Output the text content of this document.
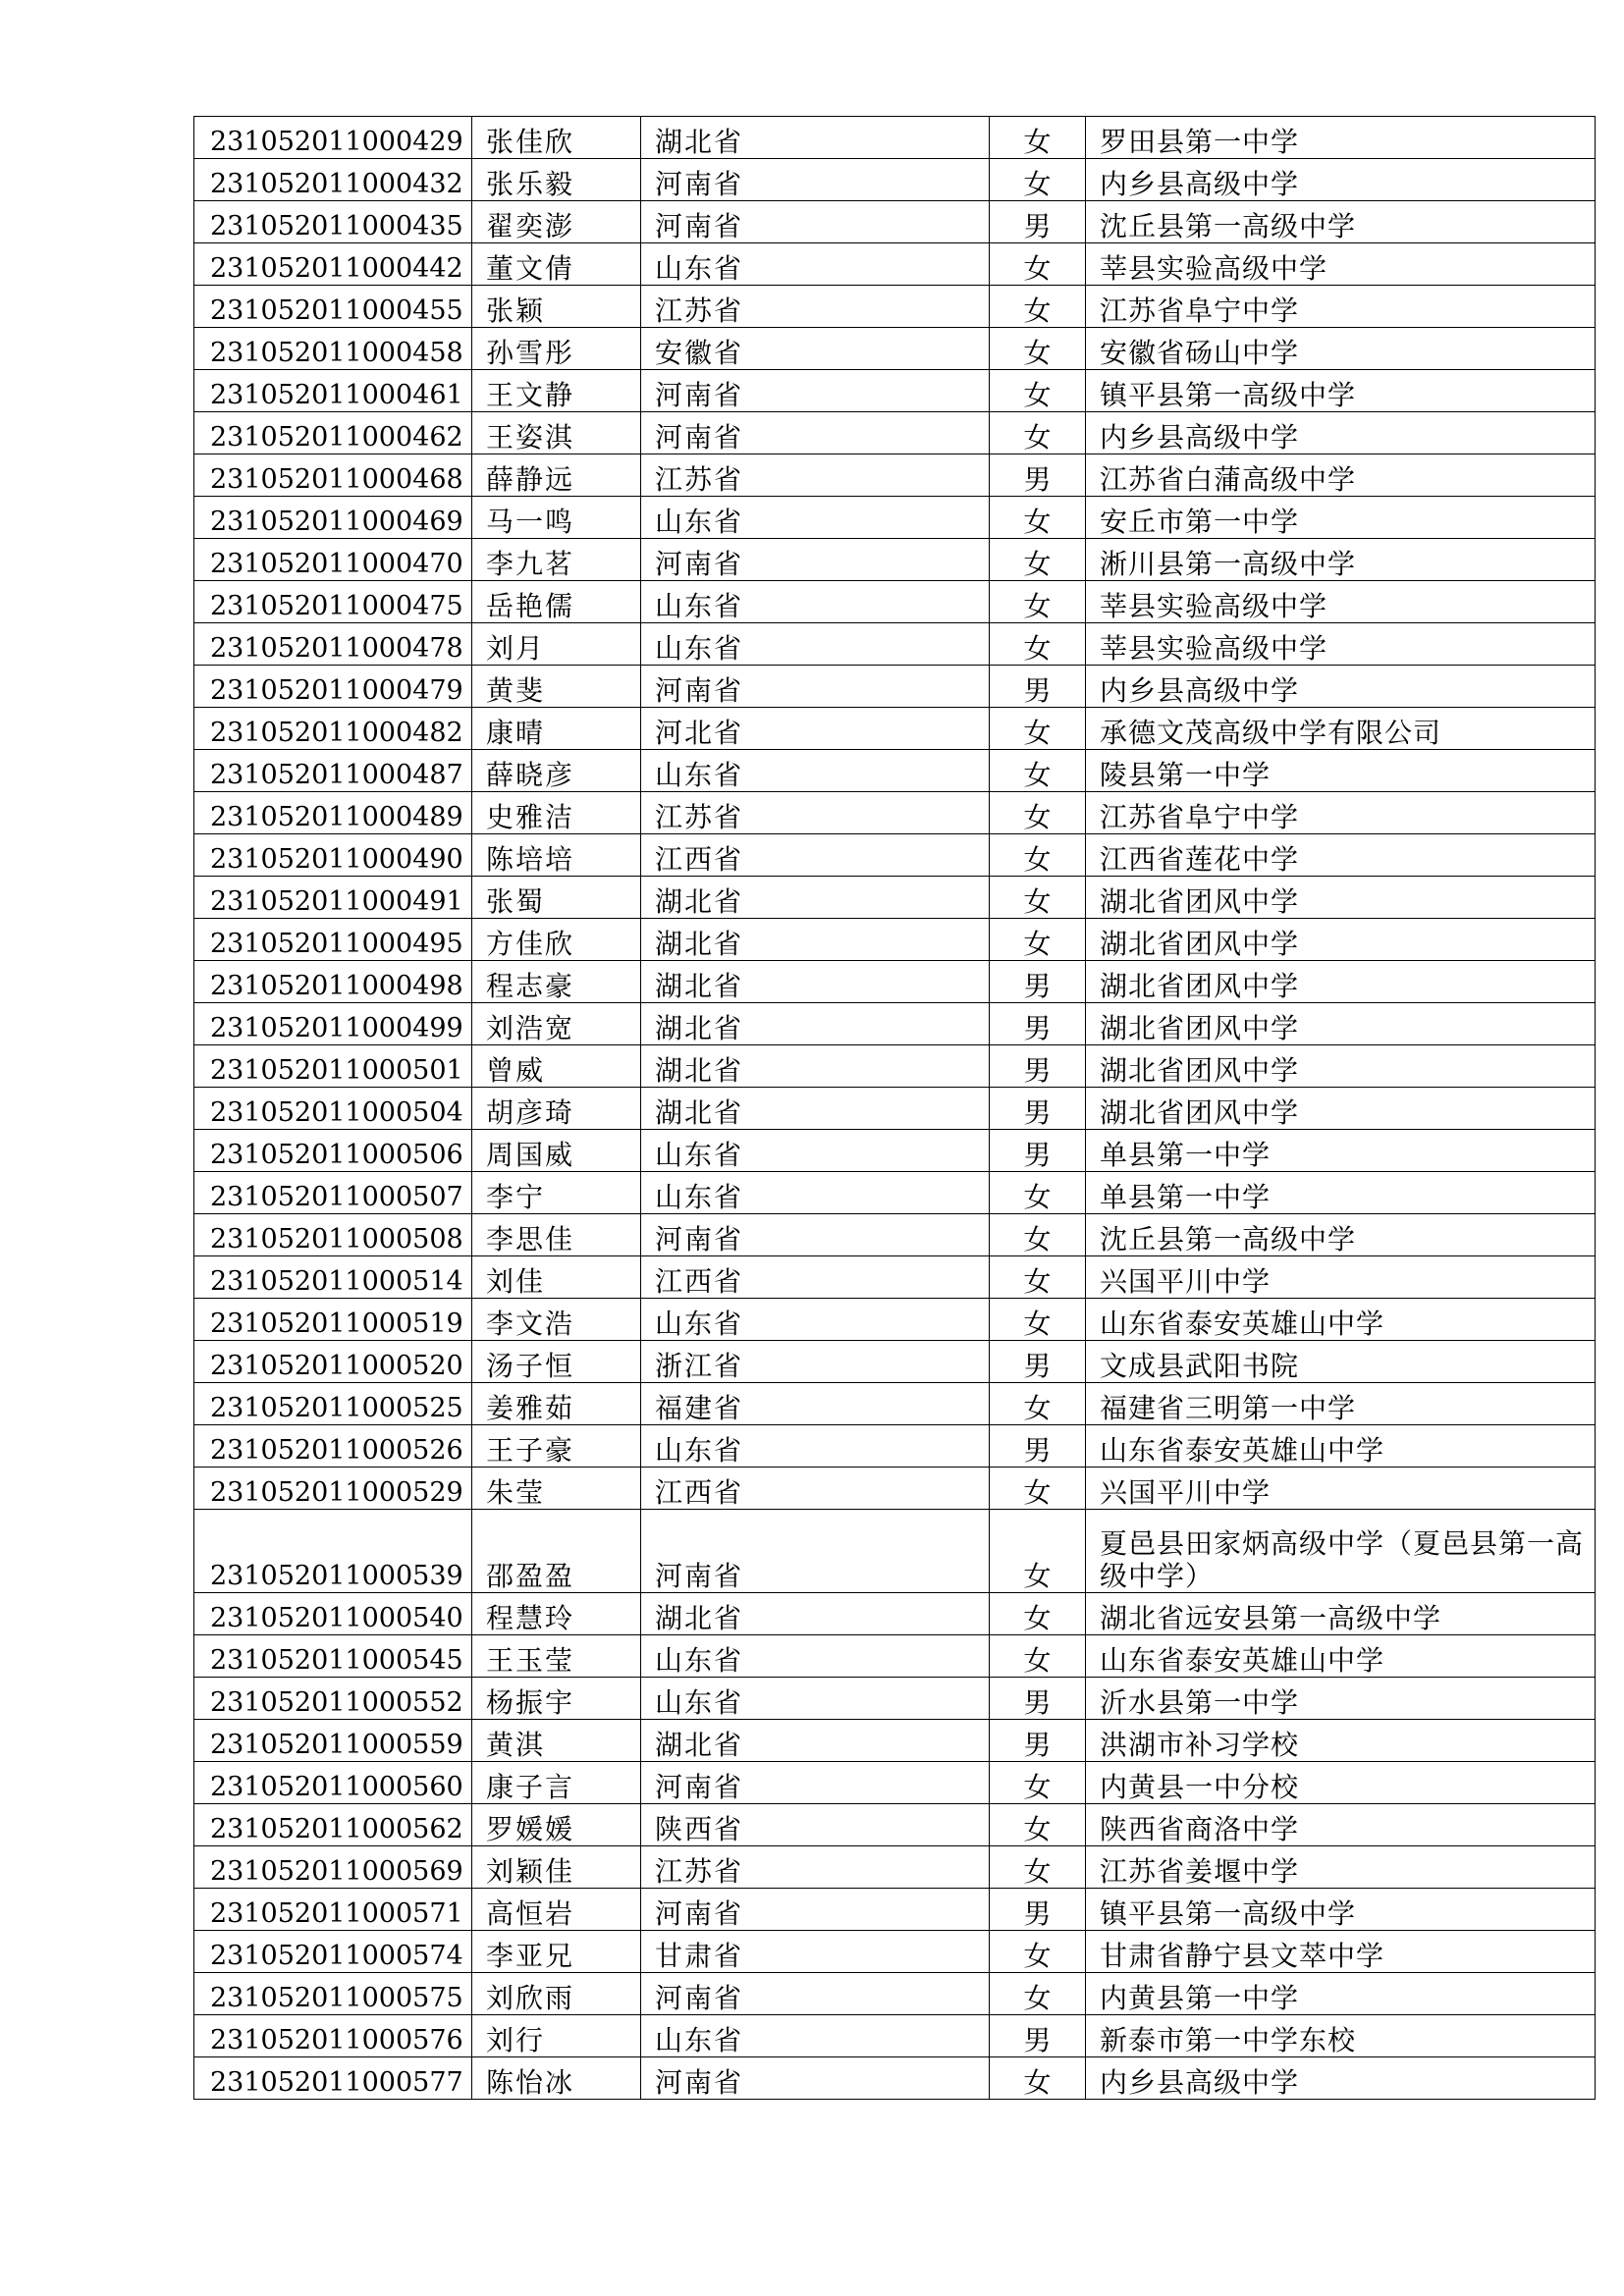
231052011000429	张佳欣	湖北省	女	罗田县第一中学
231052011000432	张乐毅	河南省	女	内乡县高级中学
231052011000435	翟奕澎	河南省	男	沈丘县第一高级中学
231052011000442	董文倩	山东省	女	莘县实验高级中学
231052011000455	张颖	江苏省	女	江苏省阜宁中学
231052011000458	孙雪彤	安徽省	女	安徽省砀山中学
231052011000461	王文静	河南省	女	镇平县第一高级中学
231052011000462	王姿淇	河南省	女	内乡县高级中学
231052011000468	薛静远	江苏省	男	江苏省白蒲高级中学
231052011000469	马一鸣	山东省	女	安丘市第一中学
231052011000470	李九茗	河南省	女	淅川县第一高级中学
231052011000475	岳艳儒	山东省	女	莘县实验高级中学
231052011000478	刘月	山东省	女	莘县实验高级中学
231052011000479	黄斐	河南省	男	内乡县高级中学
231052011000482	康晴	河北省	女	承德文茂高级中学有限公司
231052011000487	薛晓彦	山东省	女	陵县第一中学
231052011000489	史雅洁	江苏省	女	江苏省阜宁中学
231052011000490	陈培培	江西省	女	江西省莲花中学
231052011000491	张蜀	湖北省	女	湖北省团风中学
231052011000495	方佳欣	湖北省	女	湖北省团风中学
231052011000498	程志豪	湖北省	男	湖北省团风中学
231052011000499	刘浩宽	湖北省	男	湖北省团风中学
231052011000501	曾威	湖北省	男	湖北省团风中学
231052011000504	胡彦琦	湖北省	男	湖北省团风中学
231052011000506	周国威	山东省	男	单县第一中学
231052011000507	李宁	山东省	女	单县第一中学
231052011000508	李思佳	河南省	女	沈丘县第一高级中学
231052011000514	刘佳	江西省	女	兴国平川中学
231052011000519	李文浩	山东省	女	山东省泰安英雄山中学
231052011000520	汤子恒	浙江省	男	文成县武阳书院
231052011000525	姜雅茹	福建省	女	福建省三明第一中学
231052011000526	王子豪	山东省	男	山东省泰安英雄山中学
231052011000529	朱莹	江西省	女	兴国平川中学
231052011000539	邵盈盈	河南省	女	夏邑县田家炳高级中学（夏邑县第一高级中学）
231052011000540	程慧玲	湖北省	女	湖北省远安县第一高级中学
231052011000545	王玉莹	山东省	女	山东省泰安英雄山中学
231052011000552	杨振宇	山东省	男	沂水县第一中学
231052011000559	黄淇	湖北省	男	洪湖市补习学校
231052011000560	康子言	河南省	女	内黄县一中分校
231052011000562	罗媛媛	陕西省	女	陕西省商洛中学
231052011000569	刘颖佳	江苏省	女	江苏省姜堰中学
231052011000571	高恒岩	河南省	男	镇平县第一高级中学
231052011000574	李亚兄	甘肃省	女	甘肃省静宁县文萃中学
231052011000575	刘欣雨	河南省	女	内黄县第一中学
231052011000576	刘行	山东省	男	新泰市第一中学东校
231052011000577	陈怡冰	河南省	女	内乡县高级中学
